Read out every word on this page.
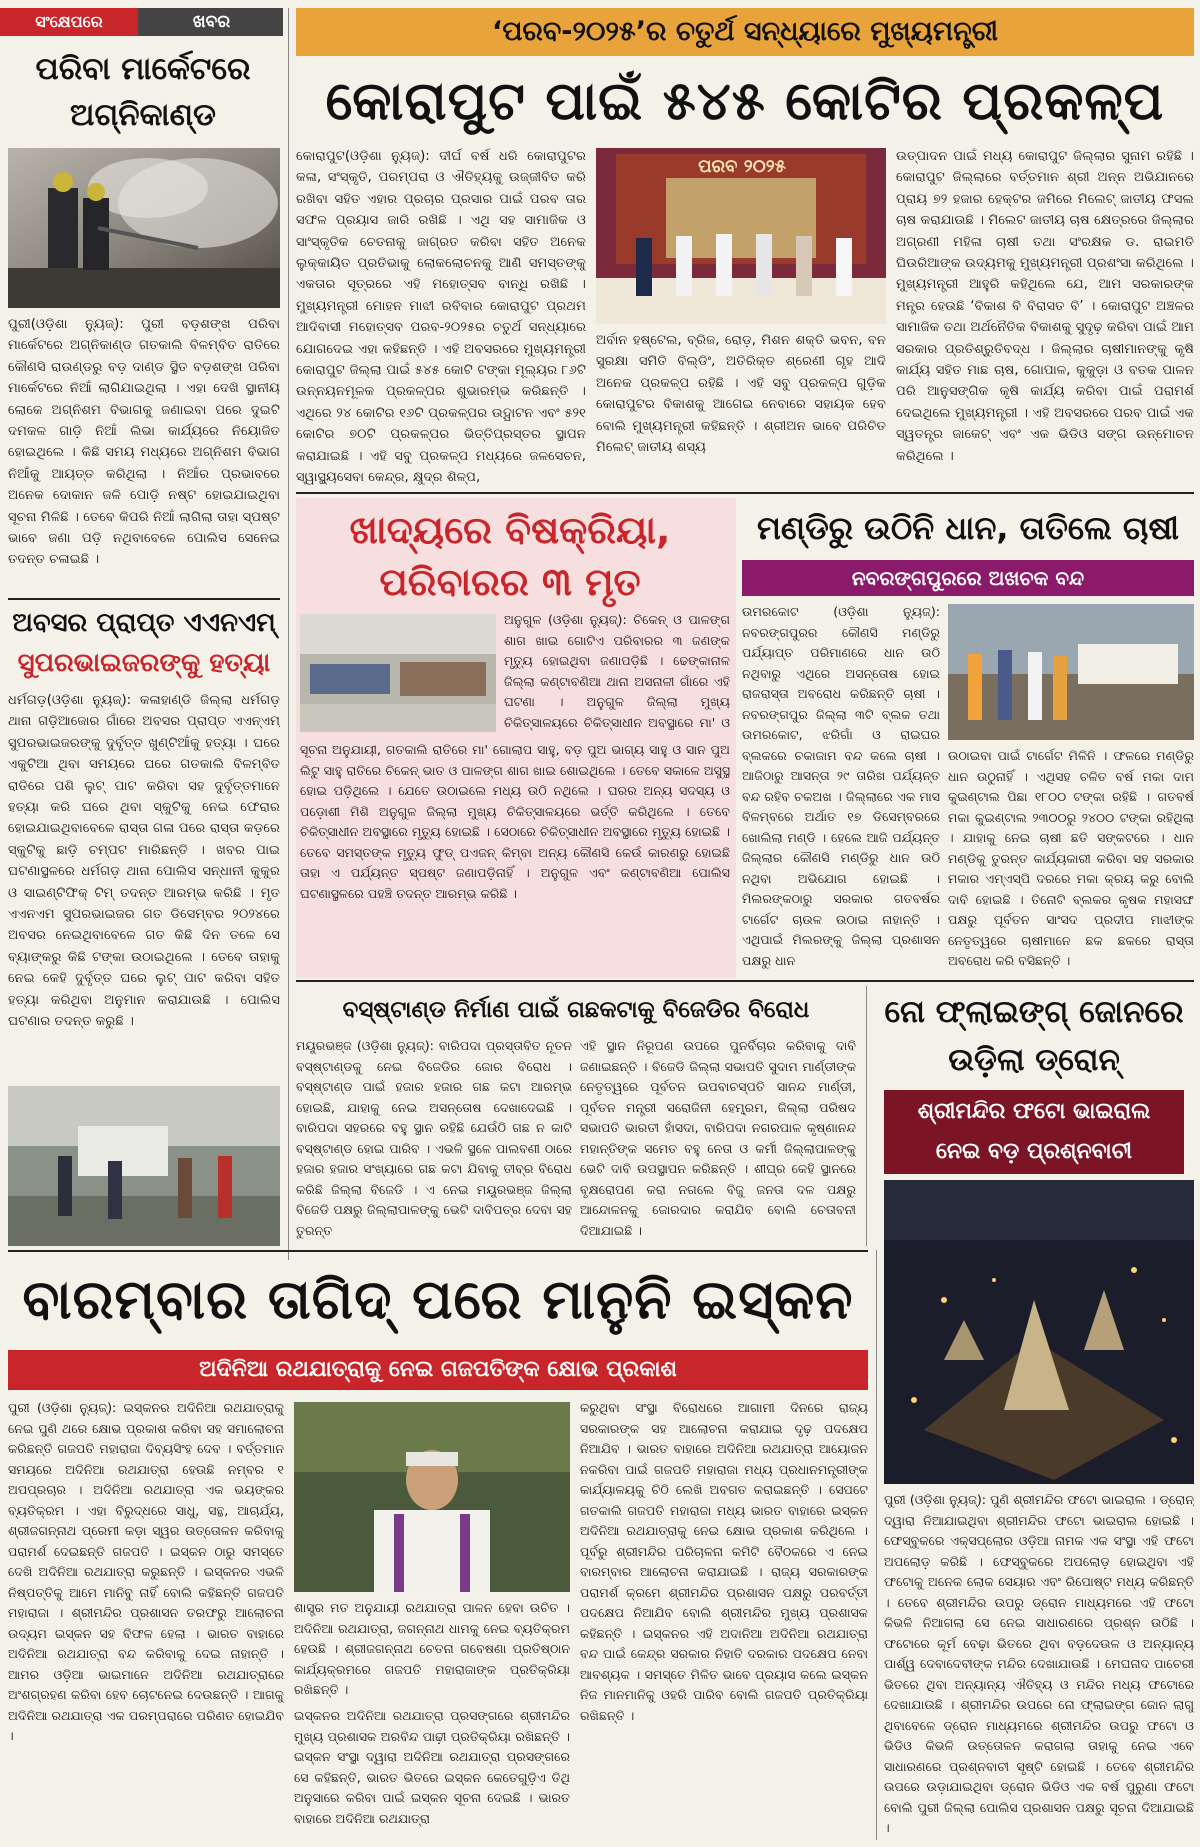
ସଂକ୍ଷେପରେ	ଖବର
ପରିବା ମାର୍କେଟରେ ଅଗ୍ନିକାଣ୍ଡ
ପୁରୀ(ଓଡ଼ିଶା ନ୍ୟୁଜ୍): ପୁରୀ ବଡ଼ଶଙ୍ଖ ପରିବା ମାର୍କେଟରେ ଅଗ୍ନିକାଣ୍ଡ ଗତକାଲି ବିଳମ୍ବିତ ରାତିରେ କୌଣସି ରାଉଣ୍ଡରୁ ବଡ଼ ଦାଣ୍ଡ ସ୍ଥିତ ବଡ଼ଶଙ୍ଖ ପରିବା ମାର୍କେଟରେ ନିଆଁ ଲାଗିଯାଇଥିଲା । ଏହା ଦେଖି ସ୍ଥାନୀୟ ଲୋକେ ଅଗ୍ନିଶମ ବିଭାଗକୁ ଜଣାଇବା ପରେ ଦୁଇଟି ଦମକଳ ଗାଡ଼ି ନିଆଁ ଲିଭା କାର୍ଯ୍ୟରେ ନିୟୋଜିତ ହୋଇଥିଲେ । କିଛି ସମୟ ମଧ୍ୟରେ ଅଗ୍ନିଶମ ବିଭାଗ ନିଆଁକୁ ଆୟତ୍ତ କରିଥିଲା । ନିଆଁର ପ୍ରଭାବରେ ଅନେକ ଦୋକାନ ଜଳି ପୋଡ଼ି ନଷ୍ଟ ହୋଇଯାଇଥିବା ସୂଚନା ମିଳିଛି । ତେବେ କିପରି ନିଆଁ ଲାଗିଲା ତାହା ସ୍ପଷ୍ଟ ଭାବେ ଜଣା ପଡ଼ି ନଥିବାବେଳେ ପୋଲିସ ସେନେଇ ତଦନ୍ତ ଚଳାଇଛି ।
ଅବସର ପ୍ରାପ୍ତ ଏଏନଏମ୍
ସୁପରଭାଇଜରଙ୍କୁ ହତ୍ୟା
ଧର୍ମଗଡ଼(ଓଡ଼ିଶା ନ୍ୟୁଜ୍): କଳାହାଣ୍ଡି ଜିଲ୍ଲା ଧର୍ମଗଡ଼ ଥାନା ଗଡ଼ିଆଜୋର ଗାଁରେ ଅବସର ପ୍ରାପ୍ତ ଏଏନ୍ଏମ୍ ସୁପରଭାଇଜରଙ୍କୁ ଦୁର୍ବୃତ୍ତ ଖୁଣ୍ଟିଆଁକୁ ହତ୍ୟା । ଘରେ ଏକୁଟିଆ ଥିବା ସମୟରେ ଘରେ ଗତକାଲି ବିଳମ୍ବିତ ରାତିରେ ପଶି ଲୁଟ୍ ପାଟ କରିବା ସହ ଦୁର୍ବୃତ୍ତମାନେ ହତ୍ୟା କରି ଘରେ ଥିବା ସ୍କୁଟିକୁ ନେଇ ଫେରାର ହୋଇଯାଇଥିବାବେଳେ ରାସ୍ତା ଗଳା ପରେ ରାସ୍ତା କଡ଼ରେ ସ୍କୁଟିକୁ ଛାଡ଼ି ଚମ୍ପଟ ମାରିଛନ୍ତି । ଖବର ପାଇ ଘଟଣାସ୍ଥଳରେ ଧର୍ମଗଡ଼ ଥାନା ପୋଲିସ ସନ୍ଧାନୀ କୁକୁର ଓ ସାଇଣ୍ଟିଫିକ୍ ଟିମ୍ ତଦନ୍ତ ଆରମ୍ଭ କରିଛି । ମୃତ ଏଏନଏମ ସୁପରଭାଇଜର ଗତ ଡିସେମ୍ବର ୨୦୨୪ରେ ଅବସର ନେଇଥିବାବେଳେ ଗତ କିଛି ଦିନ ତଳେ ସେ ବ୍ୟାଙ୍କରୁ କିଛି ଟଙ୍କା ଉଠାଇଥିଲେ । ତେବେ ତାହାକୁ ନେଇ କେହି ଦୁର୍ବୃତ୍ତ ଘରେ ଲୁଟ୍ ପାଟ କରିବା ସହିତ ହତ୍ୟା କରିଥିବା ଅନୁମାନ କରାଯାଉଛି । ପୋଲିସ ଘଟଣାର ତଦନ୍ତ କରୁଛି ।
‘ପରବ-୨୦୨୫’ର ଚତୁର୍ଥ ସନ୍ଧ୍ୟାରେ ମୁଖ୍ୟମନ୍ତ୍ରୀ
କୋରାପୁଟ ପାଇଁ ୫୪୫ କୋଟିର ପ୍ରକଳ୍ପ
କୋରାପୁଟ(ଓଡ଼ିଶା ନ୍ୟୁଜ୍): ଦୀର୍ଘ ବର୍ଷ ଧରି କୋରାପୁଟର କଳା, ସଂସ୍କୃତି, ପରମ୍ପରା ଓ ଐତିହ୍ୟକୁ ଉଜ୍ଜୀବିତ କରି ରଖିବା ସହିତ ଏହାର ପ୍ରଚାର ପ୍ରସାର ପାଇଁ ପରବ ତାର ସଫଳ ପ୍ରୟାସ ଜାରି ରଖିଛି । ଏଥି ସହ ସାମାଜିକ ଓ ସାଂସ୍କୃତିକ ଚେତନାକୁ ଜାଗ୍ରତ କରିବା ସହିତ ଅନେକ ଲୁକ୍କାୟିତ ପ୍ରତିଭାକୁ ଲୋକଲୋଚନକୁ ଆଣି ସମସ୍ତଙ୍କୁ ଏକତାର ସୂତ୍ରରେ ଏହି ମହୋତ୍ସବ ବାନ୍ଧି ରଖିଛି । ମୁଖ୍ୟମନ୍ତ୍ରୀ ମୋହନ ମାଝୀ ରବିବାର କୋରାପୁଟ ପ୍ରଥମ ଆଦିବାସୀ ମହୋତ୍ସବ ପରବ-୨୦୨୫ର ଚତୁର୍ଥ ସନ୍ଧ୍ୟାରେ ଯୋଗଦେଇ ଏହା କହିଛନ୍ତି । ଏହି ଅବସରରେ ମୁଖ୍ୟମନ୍ତ୍ରୀ କୋରାପୁଟ ଜିଲ୍ଲା ପାଇଁ ୫୪୫ କୋଟି ଟଙ୍କା ମୂଲ୍ୟର ୮୬ଟି ଉନ୍ନୟନମୂଳକ ପ୍ରକଳ୍ପର ଶୁଭାରମ୍ଭ କରିଛନ୍ତି । ଏଥିରେ ୨୪ କୋଟିର ୧୬ଟି ପ୍ରକଳ୍ପର ଉଦ୍ଘାଟନ ଏବଂ ୫୨୧ କୋଟିର ୭୦ଟି ପ୍ରକଳ୍ପର ଭିତ୍ତିପ୍ରସ୍ତର ସ୍ଥାପନ କରାଯାଇଛି । ଏହି ସବୁ ପ୍ରକଳ୍ପ ମଧ୍ୟରେ ଜଳସେଚନ, ସ୍ୱାସ୍ଥ୍ୟସେବା କେନ୍ଦ୍ର, କ୍ଷୁଦ୍ର ଶିଳ୍ପ,
ପରବ ୨୦୨୫
ଅର୍ବାନ ହଷ୍ଟେଲ, ବ୍ରିଜ, ରୋଡ଼, ମିଶନ ଶକ୍ତି ଭବନ, ବନ ସୁରକ୍ଷା ସମିତି ବିଲ୍ଡିଂ, ଅତିରିକ୍ତ ଶ୍ରେଣୀ ଗୃହ ଆଦି ଅନେକ ପ୍ରକଳ୍ପ ରହିଛି । ଏହି ସବୁ ପ୍ରକଳ୍ପ ଗୁଡ଼ିକ କୋରାପୁଟର ବିକାଶକୁ ଆଗେଇ ନେବାରେ ସହାୟକ ହେବ ବୋଲି ମୁଖ୍ୟମନ୍ତ୍ରୀ କହିଛନ୍ତି । ଶ୍ରୀଅନ ଭାବେ ପରିଚିତ ମିଲେଟ୍ ଜାତୀୟ ଶସ୍ୟ
ଉତ୍ପାଦନ ପାଇଁ ମଧ୍ୟ କୋରାପୁଟ ଜିଲ୍ଲାର ସୁନାମ ରହିଛି । କୋରାପୁଟ ଜିଲ୍ଲାରେ ବର୍ତ୍ତମାନ ଶ୍ରୀ ଅନ୍ନ ଅଭିଯାନରେ ପ୍ରାୟ ୭୨ ହଜାର ହେକ୍ଟର ଜମିରେ ମିଲେଟ୍ ଜାତୀୟ ଫସଲ ଚାଷ କରାଯାଉଛି । ମିଲେଟ ଜାତୀୟ ଚାଷ କ୍ଷେତ୍ରରେ ଜିଲ୍ଲାର ଅଗ୍ରଣୀ ମହିଳା ଚାଷୀ ତଥା ସଂରକ୍ଷକ ଡ. ରାଇମତି ଘିଉରିଆଙ୍କ ଉଦ୍ୟମକୁ ମୁଖ୍ୟମନ୍ତ୍ରୀ ପ୍ରଶଂସା କରିଥିଲେ । ମୁଖ୍ୟମନ୍ତ୍ରୀ ଆହୁରି କହିଥିଲେ ଯେ, ଆମ ସରକାରଙ୍କ ମନ୍ତ୍ର ହେଉଛି ‘ବିକାଶ ବି ବିରାସତ ବି’ । କୋରାପୁଟ ଅଞ୍ଚଳର ସାମାଜିକ ତଥା ଅର୍ଥନୈତିକ ବିକାଶକୁ ସୁଦୃଢ଼ କରିବା ପାଇଁ ଆମ ସରକାର ପ୍ରତିଶ୍ରୁତିବଦ୍ଧ । ଜିଲ୍ଲାର ଚାଷୀମାନଙ୍କୁ କୃଷି କାର୍ଯ୍ୟ ସହିତ ମାଛ ଚାଷ, ଗୋପାଳ, କୁକୁଡ଼ା ଓ ବତକ ପାଳନ ପରି ଆନୁସଙ୍ଗିକ କୃଷି କାର୍ଯ୍ୟ କରିବା ପାଇଁ ପରାମର୍ଶ ଦେଇଥିଲେ ମୁଖ୍ୟମନ୍ତ୍ରୀ । ଏହି ଅବସରରେ ପରବ ପାଇଁ ଏକ ସ୍ୱତନ୍ତ୍ର ଜାକେଟ୍ ଏବଂ ଏକ ଭିଡିଓ ସଙ୍ଗ ଉନ୍ମୋଚନ କରିଥିଲେ ।
ଖାଦ୍ୟରେ ବିଷକ୍ରିୟା,
ପରିବାରର ୩ ମୃତ
ଅନୁଗୁଳ (ଓଡ଼ିଶା ନ୍ୟୁଜ୍): ଚିକେନ୍ ଓ ପାଳଙ୍ଗ ଶାଗ ଖାଇ ଗୋଟିଏ ପରିବାରର ୩ ଜଣଙ୍କ ମୃତ୍ୟୁ ହୋଇଥିବା ଜଣାପଡ଼ିଛି । ଢେଙ୍କାନାଳ ଜିଲ୍ଲା କଣ୍ଟାବଣିଆ ଥାନା ଅସନାଳୀ ଗାଁରେ ଏହି ଘଟଣା । ଅନୁଗୁଳ ଜିଲ୍ଲା ମୁଖ୍ୟ ଚିକିତ୍ସାଳୟରେ ଚିକିତ୍ସାଧୀନ ଅବସ୍ଥାରେ ମା' ଓ
ସୂଚନା ଅନୁଯାୟୀ, ଗତକାଲି ରାତିରେ ମା' ଗୋଲାପ ସାହୁ, ବଡ଼ ପୁଅ ଭାଗ୍ୟ ସାହୁ ଓ ସାନ ପୁଅ ଲିଟୁ ସାହୁ ରାତିରେ ଚିକେନ୍ ଭାତ ଓ ପାଳଙ୍ଗ ଶାଗ ଖାଇ ଶୋଇଥିଲେ । ତେବେ ସକାଳେ ଅସୁସ୍ଥ ହୋଇ ପଡ଼ିଥିଲେ । ଯେତେ ଉଠାଇଲେ ମଧ୍ୟ ଉଠି ନଥିଲେ । ଘରର ଅନ୍ୟ ସଦସ୍ୟ ଓ ପଡ଼ୋଶୀ ମିଶି ଅନୁଗୁଳ ଜିଲ୍ଲା ମୁଖ୍ୟ ଚିକିତ୍ସାଳୟରେ ଭର୍ତ୍ତି କରିଥିଲେ । ତେବେ ଚିକିତ୍ସାଧୀନ ଅବସ୍ଥାରେ ମୃତ୍ୟୁ ହୋଇଛି । ସେଠାରେ ଚିକିତ୍ସାଧୀନ ଅବସ୍ଥାରେ ମୃତ୍ୟୁ ହୋଇଛି । ତେବେ ସମସ୍ତଙ୍କ ମୃତ୍ୟୁ ଫୁଡ୍ ପଏଜନ୍ କିମ୍ବା ଅନ୍ୟ କୌଣସି କେଉଁ କାରଣରୁ ହୋଇଛି ତାହା ଏ ପର୍ଯ୍ୟନ୍ତ ସ୍ପଷ୍ଟ ଜଣାପଡ଼ିନାହିଁ । ଅନୁଗୁଳ ଏବଂ କଣ୍ଟାବଣିଆ ପୋଲିସ ଘଟଣାସ୍ଥଳରେ ପହଞ୍ଚି ତଦନ୍ତ ଆରମ୍ଭ କରିଛି ।
ମଣ୍ଡିରୁ ଉଠିନି ଧାନ, ତାତିଲେ ଚାଷୀ
ନବରଙ୍ଗପୁରରେ ଅଖଚକ ବନ୍ଦ
ଉମରକୋଟ (ଓଡ଼ିଶା ନ୍ୟୁଜ୍): ନବରଙ୍ଗପୁରର କୌଣସି ମଣ୍ଡିରୁ ପର୍ଯ୍ୟାପ୍ତ ପରିମାଣରେ ଧାନ ଉଠି ନଥିବାରୁ ଏଥିରେ ଅସନ୍ତୋଷ ହୋଇ ରାଜରାସ୍ତା ଅବରୋଧ କରିଛନ୍ତି ଚାଷୀ । ନବରଙ୍ଗପୁର ଜିଲ୍ଲା ୩ଟି ବ୍ଲକ ତଥା ଉମରକୋଟ, ଝରିଗାଁ ଓ ରାଇଘର ବ୍ଲକରେ ଚକାଜାମ ବନ୍ଦ କଲେ ଚାଷୀ । ଆଜିଠାରୁ ଆସନ୍ତା ୨୯ ତାରିଖ ପର୍ଯ୍ୟନ୍ତ ବନ୍ଦ ରହିବ ଚକଅଖ । ଜିଲ୍ଲାରେ ଏକ ମାସ ବିଳମ୍ବରେ ଅର୍ଥାତ ୧୭ ଡିସେମ୍ବରରେ ଖୋଲିଲା ମଣ୍ଡି । ହେଲେ ଆଜି ପର୍ଯ୍ୟନ୍ତ ଜିଲ୍ଲାର କୌଣସି ମଣ୍ଡିରୁ ଧାନ ଉଠି ନଥିବା ଅଭିଯୋଗ ହୋଇଛି । ମିଲରଙ୍କଠାରୁ ସରକାର ଗତବର୍ଷର ଟାର୍ଗେଟ ଚାଉଳ ଉଠାଇ ନାହାନ୍ତି । ଏଥିପାଇଁ ମିଲରଙ୍କୁ ଜିଲ୍ଲା ପ୍ରଶାସନ ପକ୍ଷରୁ ଧାନ
ଉଠାଇବା ପାଇଁ ଟାର୍ଗେଟ ମିଳିନି । ଫଳରେ ମଣ୍ଡିରୁ ଧାନ ଉଠୁନାହିଁ । ଏଥିସହ ଚଳିତ ବର୍ଷ ମକା ଦାମ କୁଇଣ୍ଟାଲ ପିଛା ୧୮୦୦ ଟଙ୍କା ରହିଛି । ଗତବର୍ଷ ମକା କୁଇଣ୍ଟାଲ ୨୩୦୦ରୁ ୨୪୦୦ ଟଙ୍କା ରହିଥିଲା । ଯାହାକୁ ନେଇ ଚାଷୀ ଛତି ସଙ୍କଟରେ । ଧାନ ମଣ୍ଡିକୁ ତୁରନ୍ତ କାର୍ଯ୍ୟକାରୀ କରିବା ସହ ସରକାର ମକାର ଏମ୍ଏସ୍ପି ଦରରେ ମକା କ୍ରୟ କରୁ ବୋଲି ଦାବି ହୋଇଛି । ତିନୋଟି ବ୍ଲକର କୃଷକ ମହାସଙ୍ଘ ପକ୍ଷରୁ ପୂର୍ବତନ ସାଂସଦ ପ୍ରଦୀପ ମାଝୀଙ୍କ ନେତୃତ୍ୱରେ ଚାଷୀମାନେ ଛକ ଛକରେ ରାସ୍ତା ଅବରୋଧ କରି ବସିଛନ୍ତି ।
ବସ୍ଷ୍ଟାଣ୍ଡ ନିର୍ମାଣ ପାଇଁ ଗଛକଟାକୁ ବିଜେଡିର ବିରୋଧ
ମୟୂରଭଞ୍ଜ (ଓଡ଼ିଶା ନ୍ୟୁଜ୍): ବାରିପଦା ପ୍ରସ୍ତାବିତ ନୂତନ ବସ୍ଷ୍ଟାଣ୍ଡକୁ ନେଇ ବିଜେଡିର ଜୋର ବିରୋଧ । ବସ୍ଷ୍ଟାଣ୍ଡ ପାଇଁ ହଜାର ହଜାର ଗଛ କଟା ଆରମ୍ଭ ହୋଇଛି, ଯାହାକୁ ନେଇ ଅସନ୍ତୋଷ ଦେଖାଦେଇଛି । ବାରିପଦା ସହରରେ ବହୁ ସ୍ଥାନ ରହିଛି ଯେଉଁଠି ଗଛ ନ କାଟି ବସ୍ଷ୍ଟାଣ୍ଡ ହୋଇ ପାରିବ । ଏଭଳି ସ୍ଥଳେ ପାଲବଣୀ ଠାରେ ହଜାର ହଜାର ସଂଖ୍ୟାରେ ଗଛ କଟା ଯିବାକୁ ତୀବ୍ର ବିରୋଧ କରିଛି ଜିଲ୍ଲା ବିଜେଡି । ଏ ନେଇ ମୟୂରଭଞ୍ଜ ଜିଲ୍ଲା ବିଜେଡି ପକ୍ଷରୁ ଜିଲ୍ଲାପାଳଙ୍କୁ ଭେଟି ଦାବିପତ୍ର ଦେବା ସହ ତୁରନ୍ତ
ଏହି ସ୍ଥାନ ନିରୂପଣ ଉପରେ ପୁନର୍ବିଚାର କରିବାକୁ ଦାବି ଜଣାଇଛନ୍ତି । ବିଜେଡି ଜିଲ୍ଲା ସଭାପତି ସୁଦାମ ମାର୍ଣ୍ଡୀଙ୍କ ନେତୃତ୍ୱରେ ପୂର୍ବତନ ଉପବାଚସ୍ପତି ସାନନ୍ଦ ମାର୍ଣ୍ଡୀ, ପୂର୍ବତନ ମନ୍ତ୍ରୀ ସରୋଜିନୀ ହେମ୍ବ୍ରମ, ଜିଲ୍ଲା ପରିଷଦ ସଭାପତି ଭାରତୀ ହାଁସଦା, ବାରିପଦା ନଗରପାଳ କୃଷ୍ଣାନନ୍ଦ ମହାନ୍ତିଙ୍କ ସମେତ ବହୁ ନେତା ଓ କର୍ମୀ ଜିଲ୍ଲାପାଳଙ୍କୁ ଭେଟି ଦାବି ଉପସ୍ଥାପନ କରିଛନ୍ତି । ଶୀଘ୍ର କେହି ସ୍ଥାନରେ ବୃକ୍ଷରୋପଣ କରା ନଗଲେ ବିଜୁ ଜନତା ଦଳ ପକ୍ଷରୁ ଆନ୍ଦୋଳନକୁ ଜୋରଦାର କରାଯିବ ବୋଲି ଚେତାବନୀ ଦିଆଯାଇଛି ।
ନୋ ଫ୍ଲାଇଙ୍ଗ୍ ଜୋନରେ
ଉଡ଼ିଲା ଡ୍ରୋନ୍
ଶ୍ରୀମନ୍ଦିର ଫଟୋ ଭାଇରାଲ
ନେଇ ବଡ଼ ପ୍ରଶ୍ନବାଚୀ
ପୁରୀ (ଓଡ଼ିଶା ନ୍ୟୁଜ୍): ପୁଣି ଶ୍ରୀମନ୍ଦିର ଫଟୋ ଭାଇରାଲ । ଡ୍ରୋନ୍ ଦ୍ୱାରା ନିଆଯାଇଥିବା ଶ୍ରୀମନ୍ଦିର ଫଟୋ ଭାଇରାଲ ହୋଇଛି । ଫେସ୍ବୁକରେ ଏକ୍ସପ୍ଲୋର ଓଡ଼ିଆ ନାମକ ଏକ ସଂସ୍ଥା ଏହି ଫଟୋ ଅପଲୋଡ଼ କରିଛି । ଫେସ୍ବୁକରେ ଅପଲୋଡ଼ ହୋଇଥିବା ଏହି ଫଟୋକୁ ଅନେକ ଲୋକ ସେୟାର ଏବଂ ରିପୋଷ୍ଟ ମଧ୍ୟ କରିଛନ୍ତି । ତେବେ ଶ୍ରୀମନ୍ଦିର ଉପରୁ ଡ୍ରୋନ ମାଧ୍ୟମରେ ଏହି ଫଟୋ କିଭଳି ନିଆଗଲା ସେ ନେଇ ସାଧାରଣରେ ପ୍ରଶ୍ନ ଉଠିଛି । ଫଟୋରେ କୂର୍ମ ବେଢ଼ା ଭିତରେ ଥିବା ବଡ଼ଦେଉଳ ଓ ଅନ୍ୟାନ୍ୟ ପାର୍ଶ୍ୱ ଦେବାଦେବୀଙ୍କ ମନ୍ଦିର ଦେଖାଯାଉଛି । ମେଘନାଦ ପାଚେରୀ ଭିତରେ ଥିବା ଅନ୍ୟାନ୍ୟ ଐତିହ୍ୟ ଓ ମନ୍ଦିର ମଧ୍ୟ ଫଟୋରେ ଦେଖାଯାଉଛି । ଶ୍ରୀମନ୍ଦିର ଉପରେ ନୋ ଫ୍ଲାଇଙ୍ଗ ଜୋନ ଲାଗୁ ଥିବାବେଳେ ଡ୍ରୋନ ମାଧ୍ୟମରେ ଶ୍ରୀମନ୍ଦିର ଉପରୁ ଫଟୋ ଓ ଭିଡିଓ କିଭଳି ଉତ୍ତୋଳନ କରାଗଲା ତାହାକୁ ନେଇ ଏବେ ସାଧାରଣରେ ପ୍ରଶ୍ନବାଚୀ ସୃଷ୍ଟି ହୋଇଛି । ତେବେ ଶ୍ରୀମନ୍ଦିର ଉପରେ ଉଡ଼ାଯାଇଥିବା ଡ୍ରୋନ ଭିଡିଓ ଏକ ବର୍ଷ ପୁରୁଣା ଫଟୋ ବୋଲି ପୁରୀ ଜିଲ୍ଲା ପୋଲିସ ପ୍ରଶାସନ ପକ୍ଷରୁ ସୂଚନା ଦିଆଯାଇଛି ।
ବାରମ୍ବାର ତାଗିଦ୍ ପରେ ମାନୁନି ଇସ୍କନ
ଅଦିନିଆ ରଥଯାତ୍ରାକୁ ନେଇ ଗଜପତିଙ୍କ କ୍ଷୋଭ ପ୍ରକାଶ
ପୁରୀ (ଓଡ଼ିଶା ନ୍ୟୁଜ୍): ଇସ୍କନର ଅଦିନିଆ ରଥଯାତ୍ରାକୁ ନେଇ ପୁଣି ଥରେ କ୍ଷୋଭ ପ୍ରକାଶ କରିବା ସହ ସମାଲୋଚନା କରିଛନ୍ତି ଗଜପତି ମହାରାଜା ଦିବ୍ୟସିଂହ ଦେବ । ବର୍ତ୍ତମାନ ସମୟରେ ଅଦିନିଆ ରଥଯାତ୍ରା ହେଉଛି ନମ୍ବର ୧ ଅପପ୍ରଚାର । ଅଦିନିଆ ରଥଯାତ୍ରା ଏକ ଭୟଙ୍କର ବ୍ୟତିକ୍ରମ । ଏହା ବିରୁଦ୍ଧରେ ସାଧୁ, ସନ୍ଥ, ଆଚାର୍ଯ୍ୟ, ଶ୍ରୀଜଗନ୍ନାଥ ପ୍ରେମୀ କଡ଼ା ସ୍ୱର ଉତ୍ତୋଳନ କରିବାକୁ ପରାମର୍ଶ ଦେଇଛନ୍ତି ଗଜପତି । ଇସ୍କନ ଠାରୁ ସମସ୍ତେ ଦେଖି ଅଦିନିଆ ରଥଯାତ୍ରା କରୁଛନ୍ତି । ଇସ୍କନର ଏଭଳି ନିଷ୍ପତ୍ତିକୁ ଆମେ ମାନିବୁ ନାହିଁ ବୋଲି କହିଛନ୍ତି ଗଜପତି ମହାରାଜା । ଶ୍ରୀମନ୍ଦିର ପ୍ରଶାସନ ତରଫରୁ ଆଲୋଚନା ଉଦ୍ୟମ ଇସ୍କନ ସହ ବିଫଳ ହେଲା । ଭାରତ ବାହାରେ ଅଦିନିଆ ରଥଯାତ୍ରା ବନ୍ଦ କରିବାକୁ ଦେଇ ନାହାନ୍ତି । ଆମର ଓଡ଼ିଆ ଭାଇମାନେ ଅଦିନିଆ ରଥଯାତ୍ରାରେ ଅଂଶଗ୍ରହଣ କରିବା ହେବ ଚୋଟନେଇ ଦେଉଛନ୍ତି । ଆଗକୁ ଅଦିନିଆ ରଥଯାତ୍ରା ଏକ ପରମ୍ପରାରେ ପରିଣତ ହୋଇଯିବ ।
ଶାସ୍ତ୍ର ମତ ଅନୁଯାୟୀ ରଥଯାତ୍ରା ପାଳନ ହେବା ଉଚିତ । ଅଦିନିଆ ରଥଯାତ୍ରା, ଜଗନ୍ନାଥ ଧାମକୁ ନେଇ ବ୍ୟତିକ୍ରମ ହେଉଛି । ଶ୍ରୀଜଗନ୍ନାଥ ଚେତନା ଗବେଷଣା ପ୍ରତିଷ୍ଠାନ କାର୍ଯ୍ୟକ୍ରମରେ ଗଜପତି ମହାରାଜାଙ୍କ ପ୍ରତିକ୍ରିୟା ରଖିଛନ୍ତି ।
ଇସ୍କନର ଅଦିନିଆ ରଥଯାତ୍ରା ପ୍ରସଙ୍ଗରେ ଶ୍ରୀମନ୍ଦିର ମୁଖ୍ୟ ପ୍ରଶାସକ ଅରବିନ୍ଦ ପାଢ଼ୀ ପ୍ରତିକ୍ରିୟା ରଖିଛନ୍ତି । ଇସ୍କନ ସଂସ୍ଥା ଦ୍ୱାରା ଅଦିନିଆ ରଥଯାତ୍ରା ପ୍ରସଙ୍ଗରେ ସେ କହିଛନ୍ତି, ଭାରତ ଭିତରେ ଇସ୍କନ କେତେଗୁଡ଼ିଏ ତିଥି ଅନୁସାରେ କରିବା ପାଇଁ ଇସ୍କନ ସୂଚନା ଦେଇଛି । ଭାରତ ବାହାରେ ଅଦିନିଆ ରଥଯାତ୍ରା
କରୁଥିବା ସଂସ୍ଥା ବିରୋଧରେ ଆଗାମୀ ଦିନରେ ରାଜ୍ୟ ସରକାରଙ୍କ ସହ ଆଲୋଚନା କରାଯାଇ ଦୃଢ଼ ପଦକ୍ଷେପ ନିଆଯିବ । ଭାରତ ବାହାରେ ଅଦିନିଆ ରଥଯାତ୍ରା ଆୟୋଜନ ନକରିବା ପାଇଁ ଗଜପତି ମହାରାଜା ମଧ୍ୟ ପ୍ରଧାନମନ୍ତ୍ରୀଙ୍କ କାର୍ଯ୍ୟାଳୟକୁ ଚିଠି ଲେଖି ଅବଗତ କରାଇଛନ୍ତି । ସେପଟେ ଗତକାଲି ଗଜପତି ମହାରାଜା ମଧ୍ୟ ଭାରତ ବାହାରେ ଇସ୍କନ ଅଦିନିଆ ରଥଯାତ୍ରାକୁ ନେଇ କ୍ଷୋଭ ପ୍ରକାଶ କରିଥିଲେ । ପୂର୍ବରୁ ଶ୍ରୀମନ୍ଦିର ପରିଚାଳନା କମିଟି ବୈଠକରେ ଏ ନେଇ ବାରମ୍ବାର ଆଲୋଚନା କରାଯାଇଛି । ରାଜ୍ୟ ସରକାରଙ୍କ ପରାମର୍ଶ କ୍ରମେ ଶ୍ରୀମନ୍ଦିର ପ୍ରଶାସନ ପକ୍ଷରୁ ପରବର୍ତ୍ତୀ ପଦକ୍ଷେପ ନିଆଯିବ ବୋଲି ଶ୍ରୀମନ୍ଦିର ମୁଖ୍ୟ ପ୍ରଶାସକ କହିଛନ୍ତି । ଇସ୍କନର ଏହି ଅଦାନିଆ ଅଦିନିଆ ରଥଯାତ୍ରା ବନ୍ଦ ପାଇଁ କେନ୍ଦ୍ର ସରକାର ନିହାତି ଦରକାର ପଦକ୍ଷେପ ନେବା ଆବଶ୍ୟକ । ସମସ୍ତେ ମିଳିତ ଭାବେ ପ୍ରୟାସ କଲେ ଇସ୍କନ ନିଜ ମାନମାନିକୁ ଓହରି ପାରିବ ବୋଲି ଗଜପତି ପ୍ରତିକ୍ରିୟା ରଖିଛନ୍ତି ।
